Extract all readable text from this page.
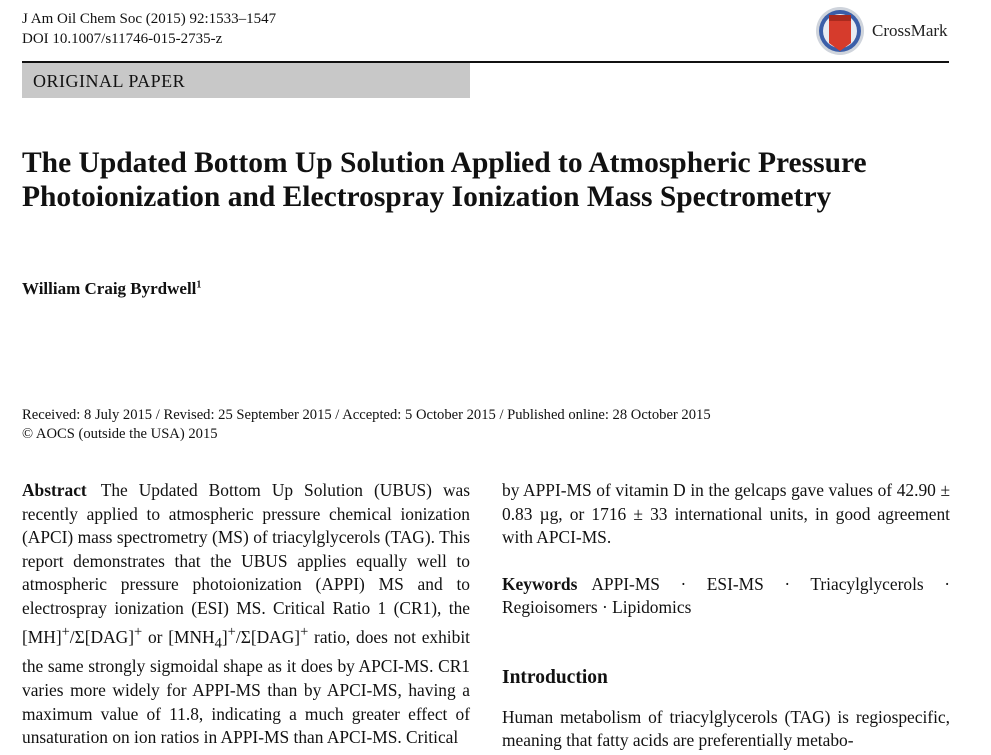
J Am Oil Chem Soc (2015) 92:1533–1547
DOI 10.1007/s11746-015-2735-z	CrossMark
ORIGINAL PAPER
The Updated Bottom Up Solution Applied to Atmospheric Pressure Photoionization and Electrospray Ionization Mass Spectrometry
William Craig Byrdwell$^1$
Received: 8 July 2015 / Revised: 25 September 2015 / Accepted: 5 October 2015 / Published online: 28 October 2015
© AOCS (outside the USA) 2015

Abstract The Updated Bottom Up Solution (UBUS) was recently applied to atmospheric pressure chemical ionization (APCI) mass spectrometry (MS) of triacylglycerols (TAG). This report demonstrates that the UBUS applies equally well to atmospheric pressure photoionization (APPI) MS and to electrospray ionization (ESI) MS. Critical Ratio 1 (CR1), the [MH]+/Σ[DAG]+ or $[MNH_4]^+/\Sigma[DAG]^+$ ratio, does not exhibit the same strongly sigmoidal shape as it does by APCI-MS. CR1 varies more widely for APPI-MS than by APCI-MS, having a maximum value of 11.8, indicating a much greater effect of unsaturation on ion ratios in APPI-MS than APCI-MS. Critical

by APPI-MS of vitamin D in the gelcaps gave values of 42.90 ± 0.83 µg, or 1716 ± 33 international units, in good agreement with APCI-MS.

Keywords APPI-MS · ESI-MS · Triacylglycerols · Regioisomers · Lipidomics

Introduction

Human metabolism of triacylglycerols (TAG) is regiospecific, meaning that fatty acids are preferentially metabo-
